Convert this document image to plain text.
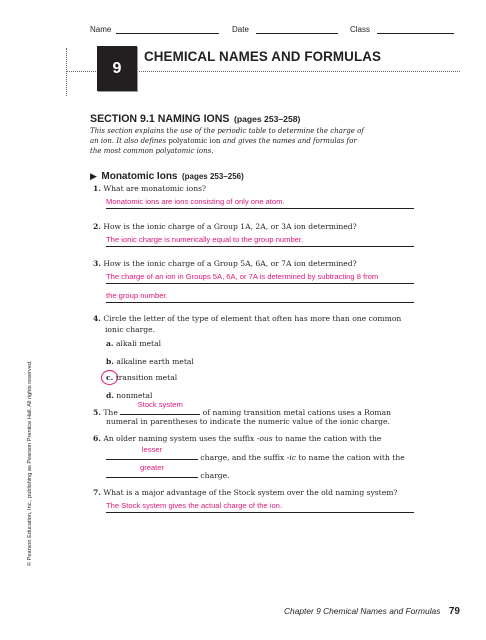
Name	Date	Class
9
CHEMICAL NAMES AND FORMULAS
SECTION 9.1 NAMING IONS (pages 253–258)
This section explains the use of the periodic table to determine the charge of
an ion. It also defines polyatomic ion and gives the names and formulas for
the most common polyatomic ions.
▶ Monatomic Ions (pages 253–256)
1. What are monatomic ions?
Monatomic ions are ions consisting of only one atom.
2. How is the ionic charge of a Group 1A, 2A, or 3A ion determined?
The ionic charge is numerically equal to the group number.
3. How is the ionic charge of a Group 5A, 6A, or 7A ion determined?
The charge of an ion in Groups 5A, 6A, or 7A is determined by subtracting 8 from
the group number.
4. Circle the letter of the type of element that often has more than one common
ionic charge.
a. alkali metal
b. alkaline earth metal
c. transition metal
d. nonmetal
5. The
Stock system
of naming transition metal cations uses a Roman
numeral in parentheses to indicate the numeric value of the ionic charge.
6. An older naming system uses the suffix -ous to name the cation with the
lesser
charge, and the suffix -ic to name the cation with the
greater
charge.
7. What is a major advantage of the Stock system over the old naming system?
The Stock system gives the actual charge of the ion.
© Pearson Education, Inc., publishing as Pearson Prentice Hall. All rights reserved.
Chapter 9 Chemical Names and Formulas 79
